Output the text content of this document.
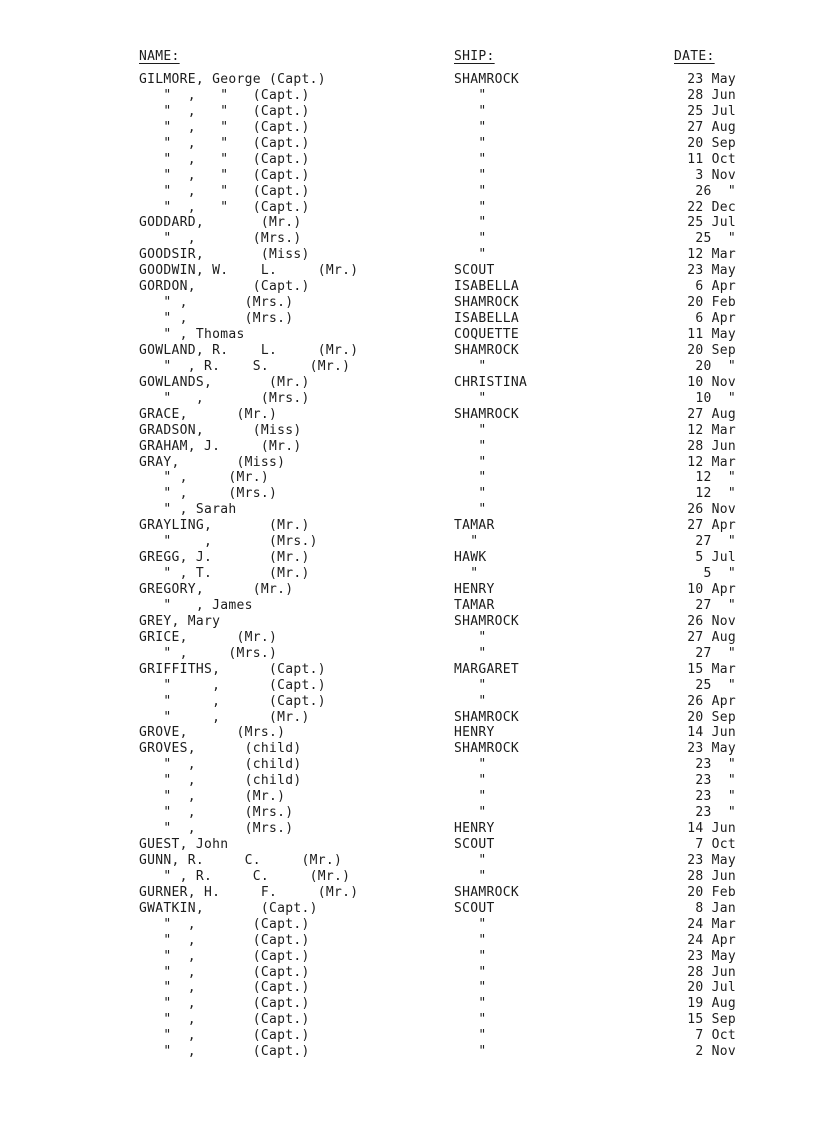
NAME:	SHIP:	DATE:
GILMORE, George (Capt.)	SHAMROCK	23 May
"  ,   "   (Capt.)	"	28 Jun
"  ,   "   (Capt.)	"	25 Jul
"  ,   "   (Capt.)	"	27 Aug
"  ,   "   (Capt.)	"	20 Sep
"  ,   "   (Capt.)	"	11 Oct
"  ,   "   (Capt.)	"	3 Nov
"  ,   "   (Capt.)	"	26  "
"  ,   "   (Capt.)	"	22 Dec
GODDARD,       (Mr.)	"	25 Jul
"  ,       (Mrs.)	"	25  "
GOODSIR,       (Miss)	"	12 Mar
GOODWIN, W.    L.     (Mr.)	SCOUT	23 May
GORDON,       (Capt.)	ISABELLA	6 Apr
" ,       (Mrs.)	SHAMROCK	20 Feb
" ,       (Mrs.)	ISABELLA	6 Apr
" , Thomas	COQUETTE	11 May
GOWLAND, R.    L.     (Mr.)	SHAMROCK	20 Sep
"  , R.    S.     (Mr.)	"	20  "
GOWLANDS,       (Mr.)	CHRISTINA	10 Nov
"   ,       (Mrs.)	"	10  "
GRACE,      (Mr.)	SHAMROCK	27 Aug
GRADSON,      (Miss)	"	12 Mar
GRAHAM, J.     (Mr.)	"	28 Jun
GRAY,       (Miss)	"	12 Mar
" ,     (Mr.)	"	12  "
" ,     (Mrs.)	"	12  "
" , Sarah	"	26 Nov
GRAYLING,       (Mr.)	TAMAR	27 Apr
"    ,       (Mrs.)	"	27  "
GREGG, J.       (Mr.)	HAWK	5 Jul
" , T.       (Mr.)	"	5  "
GREGORY,      (Mr.)	HENRY	10 Apr
"   , James	TAMAR	27  "
GREY, Mary	SHAMROCK	26 Nov
GRICE,      (Mr.)	"	27 Aug
" ,     (Mrs.)	"	27  "
GRIFFITHS,      (Capt.)	MARGARET	15 Mar
"     ,      (Capt.)	"	25  "
"     ,      (Capt.)	"	26 Apr
"     ,      (Mr.)	SHAMROCK	20 Sep
GROVE,      (Mrs.)	HENRY	14 Jun
GROVES,      (child)	SHAMROCK	23 May
"  ,      (child)	"	23  "
"  ,      (child)	"	23  "
"  ,      (Mr.)	"	23  "
"  ,      (Mrs.)	"	23  "
"  ,      (Mrs.)	HENRY	14 Jun
GUEST, John	SCOUT	7 Oct
GUNN, R.     C.     (Mr.)	"	23 May
" , R.     C.     (Mr.)	"	28 Jun
GURNER, H.     F.     (Mr.)	SHAMROCK	20 Feb
GWATKIN,       (Capt.)	SCOUT	8 Jan
"  ,       (Capt.)	"	24 Mar
"  ,       (Capt.)	"	24 Apr
"  ,       (Capt.)	"	23 May
"  ,       (Capt.)	"	28 Jun
"  ,       (Capt.)	"	20 Jul
"  ,       (Capt.)	"	19 Aug
"  ,       (Capt.)	"	15 Sep
"  ,       (Capt.)	"	7 Oct
"  ,       (Capt.)	"	2 Nov
